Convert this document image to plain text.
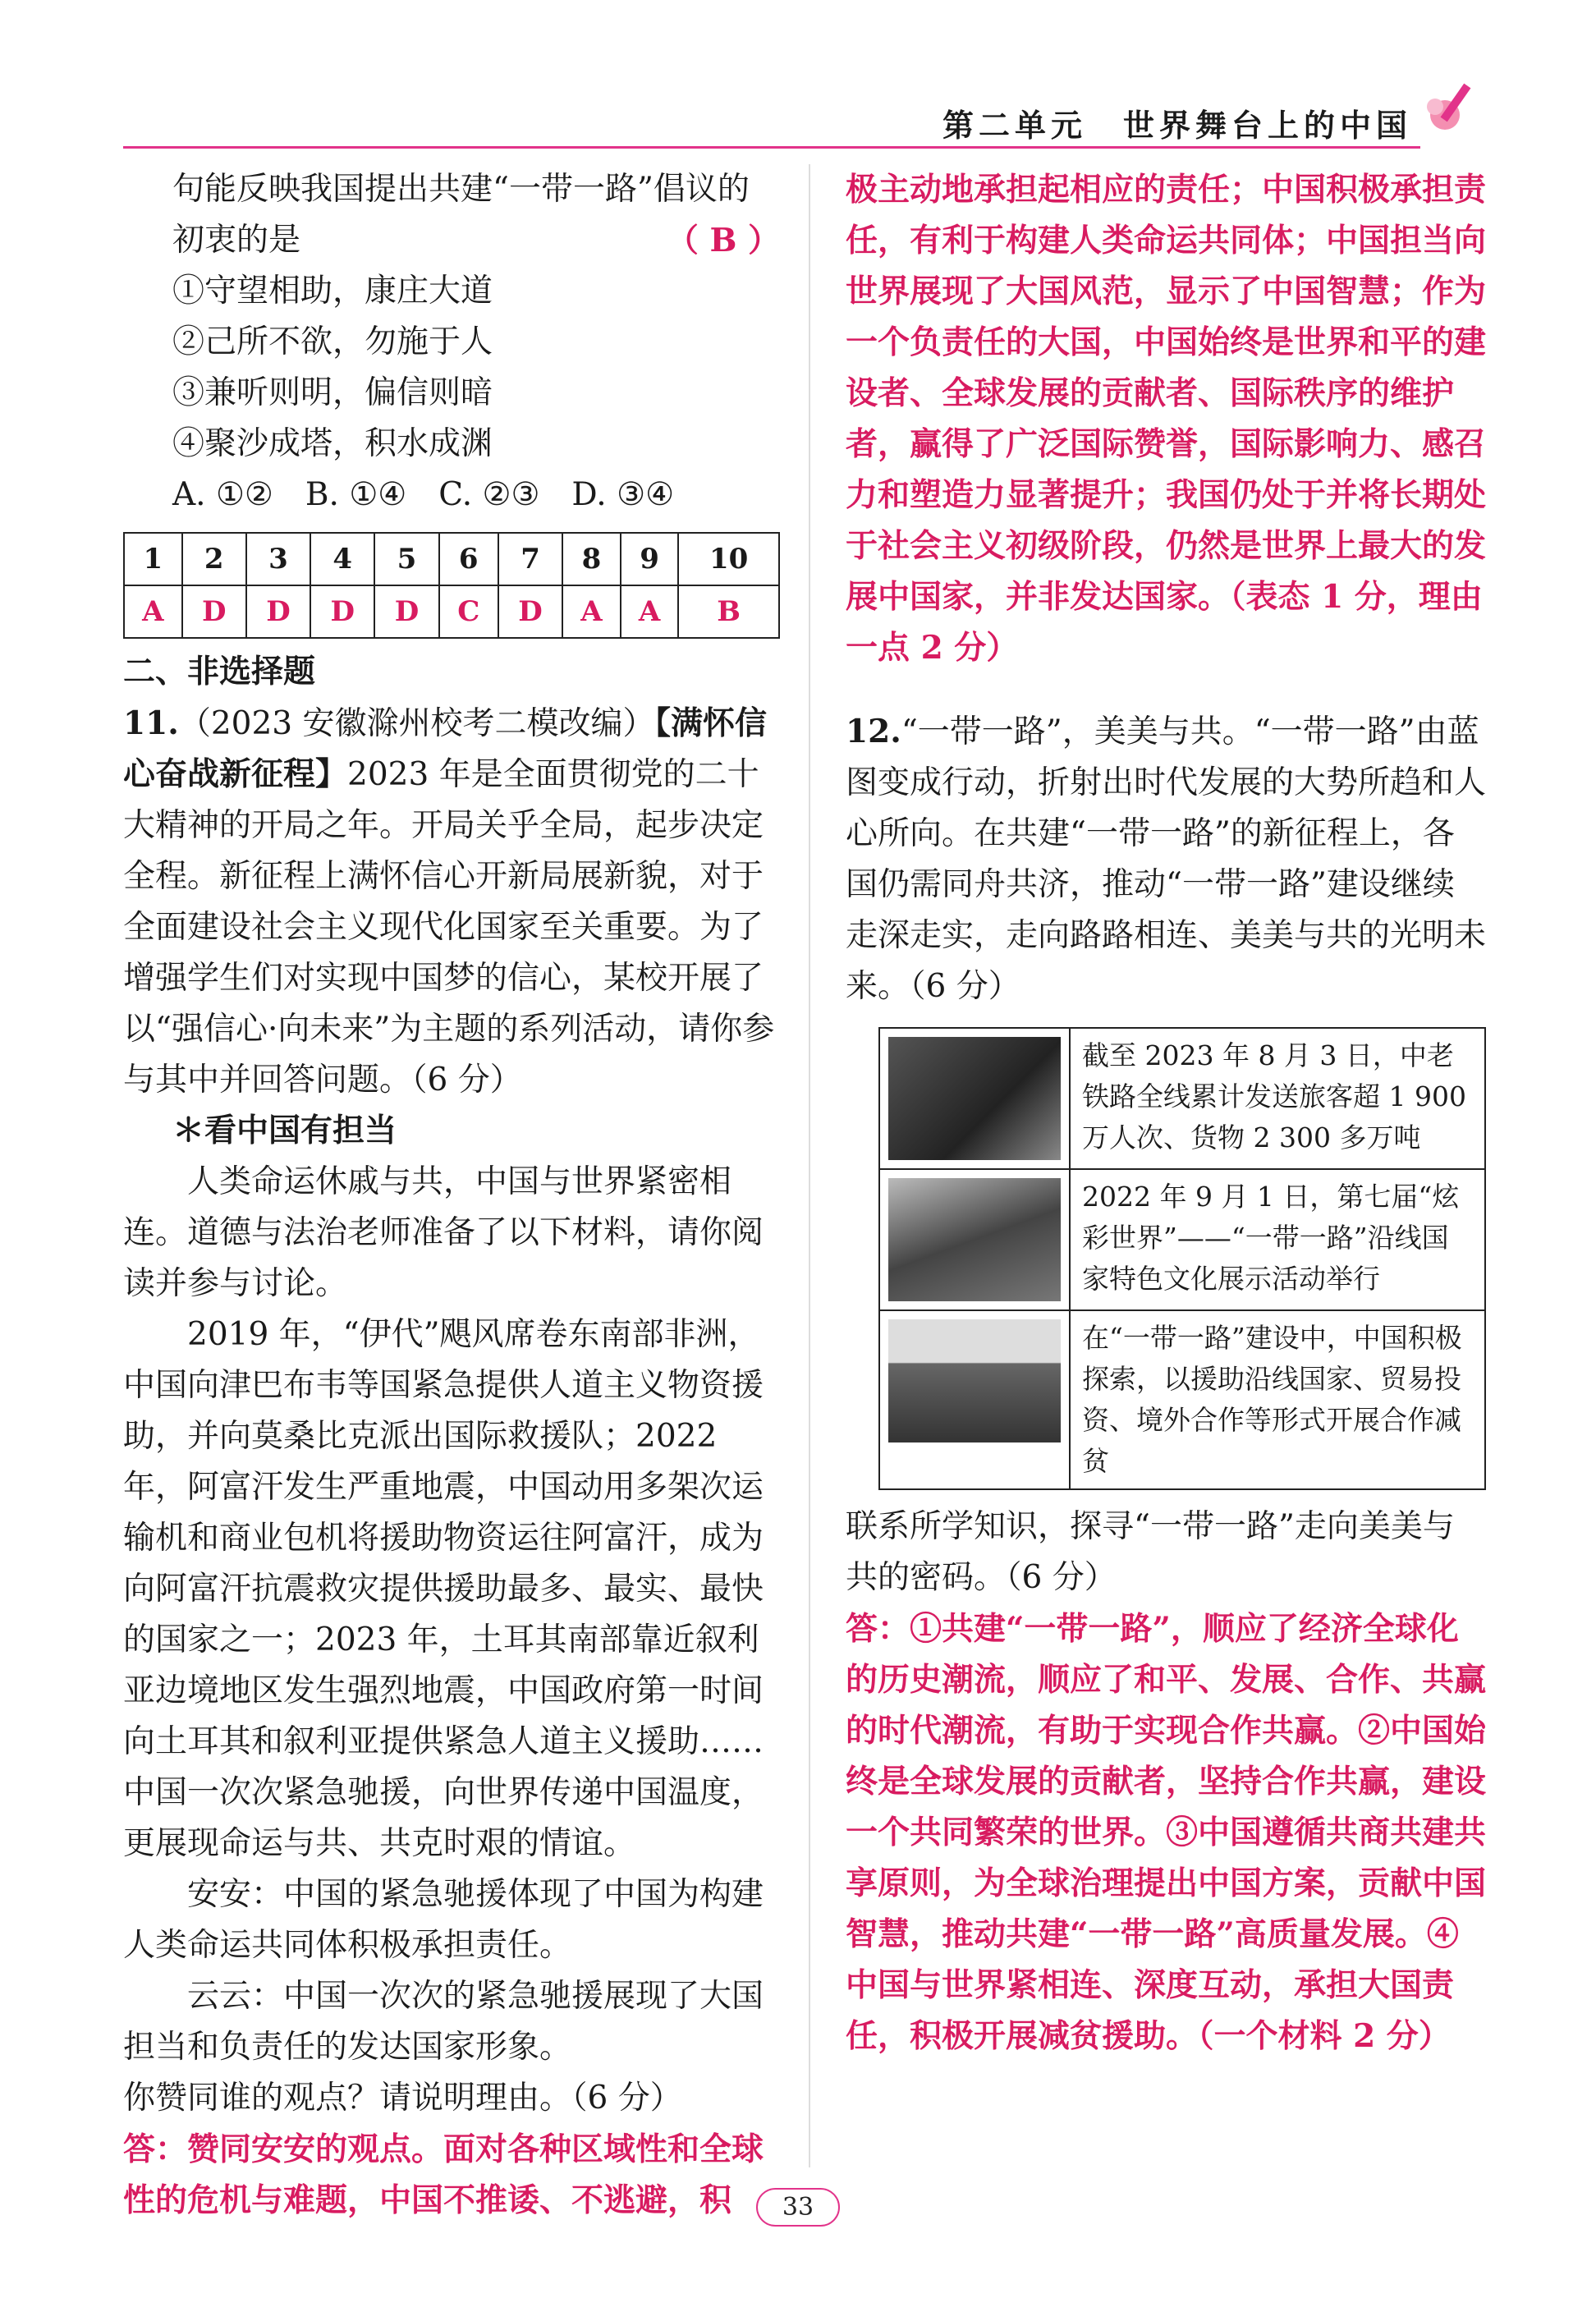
第二单元　世界舞台上的中国

句能反映我国提出共建“一带一路”倡议的

初衷的是	（ B ）

①守望相助，康庄大道

②己所不欲，勿施于人

③兼听则明，偏信则暗

④聚沙成塔，积水成渊

A. ①②　B. ①④　C. ②③　D. ③④

1	2	3	4	5	6	7	8	9	10
A	D	D	D	D	C	D	A	A	B

二、非选择题

11.（2023 安徽滁州校考二模改编）【满怀信心奋战新征程】2023 年是全面贯彻党的二十大精神的开局之年。开局关乎全局，起步决定全程。新征程上满怀信心开新局展新貌，对于全面建设社会主义现代化国家至关重要。为了增强学生们对实现中国梦的信心，某校开展了以“强信心·向未来”为主题的系列活动，请你参与其中并回答问题。（6 分）

＊看中国有担当

人类命运休戚与共，中国与世界紧密相连。道德与法治老师准备了以下材料，请你阅读并参与讨论。

2019 年，“伊代”飓风席卷东南部非洲，中国向津巴布韦等国紧急提供人道主义物资援助，并向莫桑比克派出国际救援队；2022 年，阿富汗发生严重地震，中国动用多架次运输机和商业包机将援助物资运往阿富汗，成为向阿富汗抗震救灾提供援助最多、最实、最快的国家之一；2023 年，土耳其南部靠近叙利亚边境地区发生强烈地震，中国政府第一时间向土耳其和叙利亚提供紧急人道主义援助……中国一次次紧急驰援，向世界传递中国温度，更展现命运与共、共克时艰的情谊。

安安：中国的紧急驰援体现了中国为构建人类命运共同体积极承担责任。

云云：中国一次次的紧急驰援展现了大国担当和负责任的发达国家形象。

你赞同谁的观点？请说明理由。（6 分）

答：赞同安安的观点。面对各种区域性和全球性的危机与难题，中国不推诿、不逃避，积

极主动地承担起相应的责任；中国积极承担责任，有利于构建人类命运共同体；中国担当向世界展现了大国风范，显示了中国智慧；作为一个负责任的大国，中国始终是世界和平的建设者、全球发展的贡献者、国际秩序的维护者，赢得了广泛国际赞誉，国际影响力、感召力和塑造力显著提升；我国仍处于并将长期处于社会主义初级阶段，仍然是世界上最大的发展中国家，并非发达国家。（表态 1 分，理由一点 2 分）

12.“一带一路”，美美与共。“一带一路”由蓝图变成行动，折射出时代发展的大势所趋和人心所向。在共建“一带一路”的新征程上，各国仍需同舟共济，推动“一带一路”建设继续走深走实，走向路路相连、美美与共的光明未来。（6 分）

	截至 2023 年 8 月 3 日，中老铁路全线累计发送旅客超 1 900 万人次、货物 2 300 多万吨

	2022 年 9 月 1 日，第七届“炫彩世界”——“一带一路”沿线国家特色文化展示活动举行

	在“一带一路”建设中，中国积极探索，以援助沿线国家、贸易投资、境外合作等形式开展合作减贫

联系所学知识，探寻“一带一路”走向美美与共的密码。（6 分）

答：①共建“一带一路”，顺应了经济全球化的历史潮流，顺应了和平、发展、合作、共赢的时代潮流，有助于实现合作共赢。②中国始终是全球发展的贡献者，坚持合作共赢，建设一个共同繁荣的世界。③中国遵循共商共建共享原则，为全球治理提出中国方案，贡献中国智慧，推动共建“一带一路”高质量发展。④中国与世界紧相连、深度互动，承担大国责任，积极开展减贫援助。（一个材料 2 分）

33
